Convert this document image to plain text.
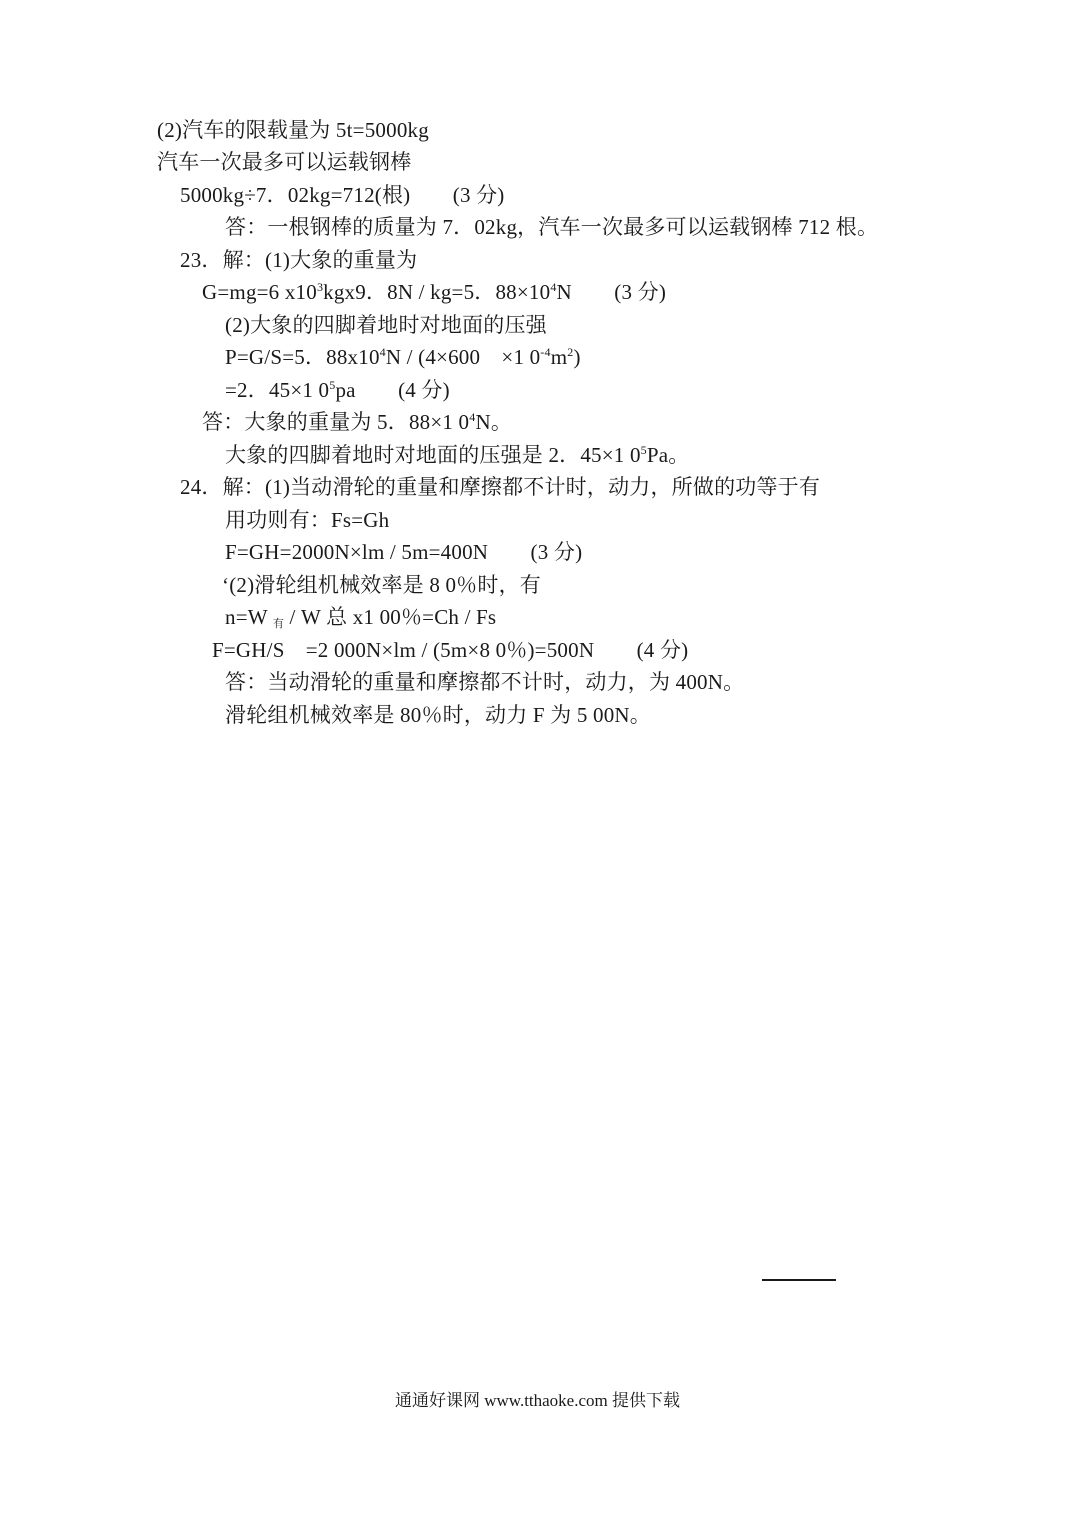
(2)汽车的限载量为 5t=5000kg
汽车一次最多可以运载钢棒
5000kg÷7．02kg=712(根)　　(3 分)
答：一根钢棒的质量为 7．02kg，汽车一次最多可以运载钢棒 712 根。
23．解：(1)大象的重量为
G=mg=6 $x10^3kgx9$．8N / kg=5．$88\times 10^4N$　　(3 分)
(2)大象的四脚着地时对地面的压强
P=G/S=5．$88x10^4N / (4\times 600$　×1 $0^{-4}m^2$)
=2．45×1 $0^5pa$　　(4 分)
答：大象的重量为 5．88×1 $0^4N$。
大象的四脚着地时对地面的压强是 2．45×1 $0^5Pa$。
24．解：(1)当动滑轮的重量和摩擦都不计时，动力，所做的功等于有
用功则有：Fs=Gh
F=GH=2000N×lm / 5m=400N　　(3 分)
‘(2)滑轮组机械效率是 8 0％时，有
n=W $_有$ / W 总 x1 00％=Ch / Fs
F=GH/S　=2 000N×lm / (5m×8 0％)=500N　　(4 分)
答：当动滑轮的重量和摩擦都不计时，动力，为 400N。
滑轮组机械效率是 80％时，动力 F 为 5 00N。
通通好课网 www.tthaoke.com 提供下载
